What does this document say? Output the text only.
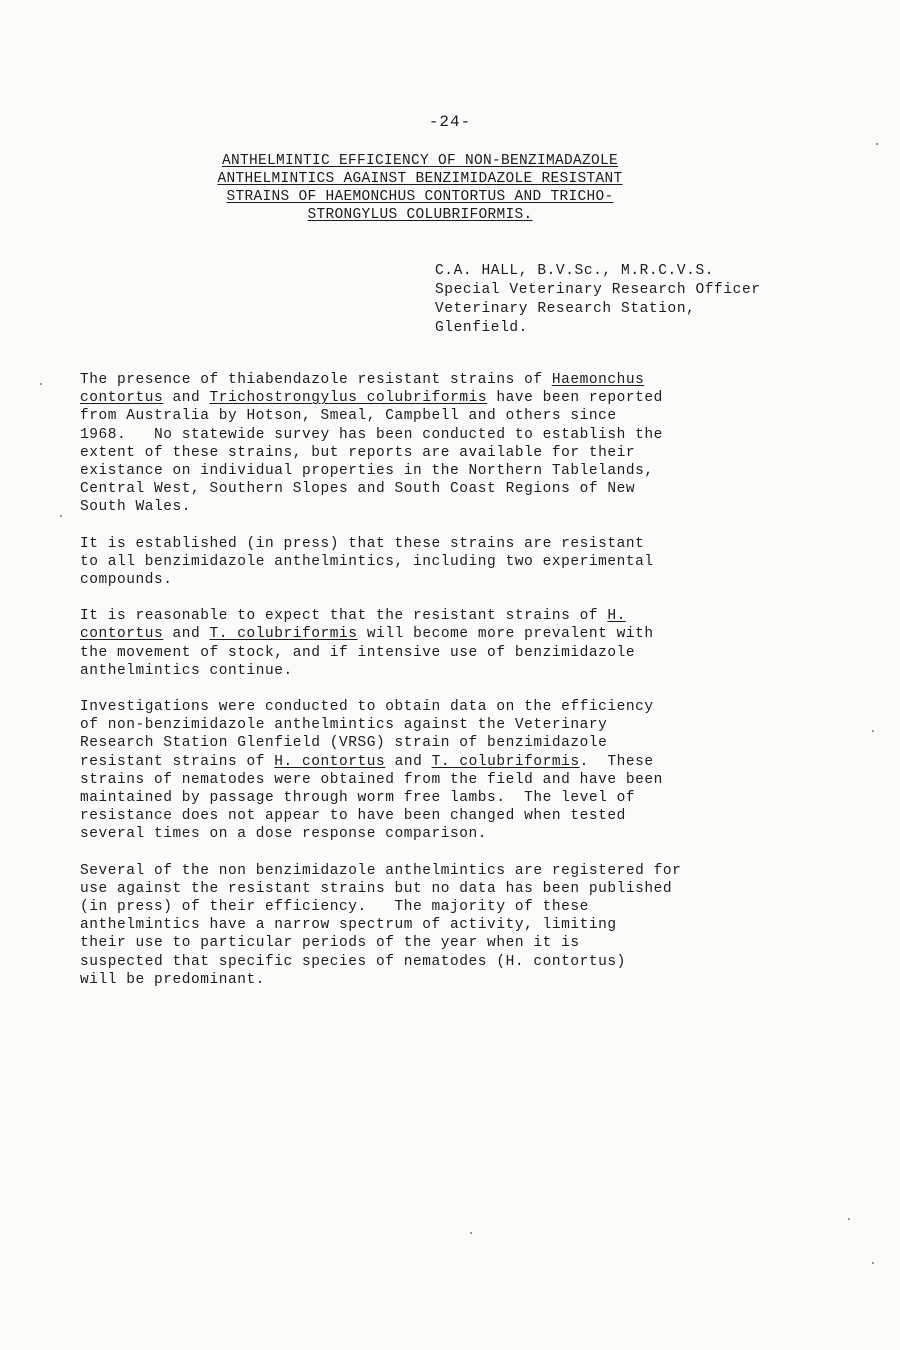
-24-
ANTHELMINTIC EFFICIENCY OF NON-BENZIMADAZOLE
ANTHELMINTICS AGAINST BENZIMIDAZOLE RESISTANT
STRAINS OF HAEMONCHUS CONTORTUS AND TRICHO-
STRONGYLUS COLUBRIFORMIS.
C.A. HALL, B.V.Sc., M.R.C.V.S.
Special Veterinary Research Officer
Veterinary Research Station,
Glenfield.

The presence of thiabendazole resistant strains of Haemonchus
contortus and Trichostrongylus colubriformis have been reported
from Australia by Hotson, Smeal, Campbell and others since
1968.   No statewide survey has been conducted to establish the
extent of these strains, but reports are available for their
existance on individual properties in the Northern Tablelands,
Central West, Southern Slopes and South Coast Regions of New
South Wales.

It is established (in press) that these strains are resistant
to all benzimidazole anthelmintics, including two experimental
compounds.

It is reasonable to expect that the resistant strains of H.
contortus and T. colubriformis will become more prevalent with
the movement of stock, and if intensive use of benzimidazole
anthelmintics continue.

Investigations were conducted to obtain data on the efficiency
of non-benzimidazole anthelmintics against the Veterinary
Research Station Glenfield (VRSG) strain of benzimidazole
resistant strains of H. contortus and T. colubriformis.  These
strains of nematodes were obtained from the field and have been
maintained by passage through worm free lambs.  The level of
resistance does not appear to have been changed when tested
several times on a dose response comparison.

Several of the non benzimidazole anthelmintics are registered for
use against the resistant strains but no data has been published
(in press) of their efficiency.   The majority of these
anthelmintics have a narrow spectrum of activity, limiting
their use to particular periods of the year when it is
suspected that specific species of nematodes (H. contortus)
will be predominant.
